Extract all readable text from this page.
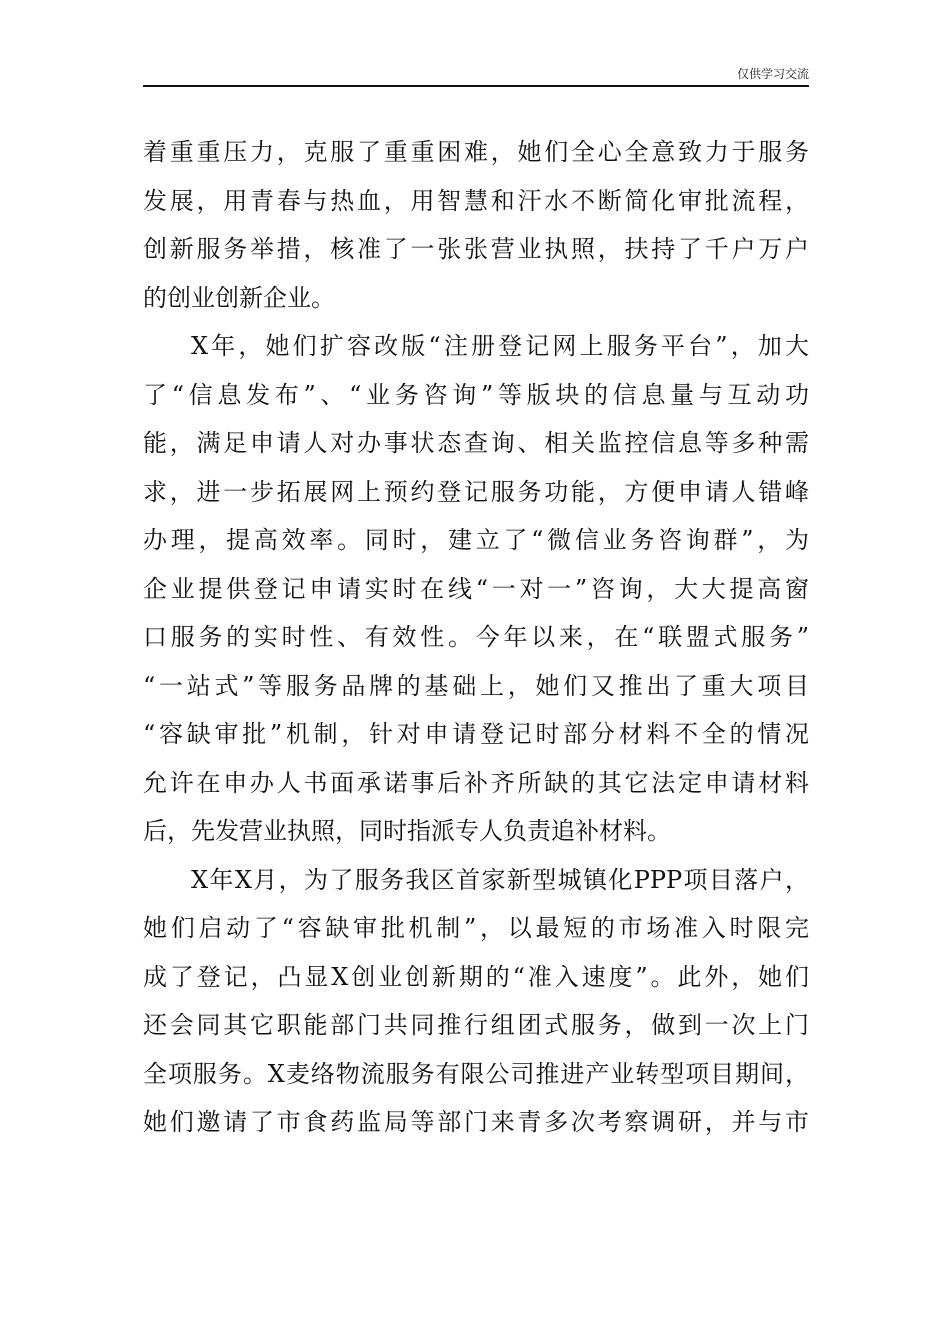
仅供学习交流

着重重压力，克服了重重困难，她们全心全意致力于服务
发展，用青春与热血，用智慧和汗水不断简化审批流程，
创新服务举措，核准了一张张营业执照，扶持了千户万户
的创业创新企业。

X年，她们扩容改版“注册登记网上服务平台”，加大
了“信息发布”、“业务咨询”等版块的信息量与互动功
能，满足申请人对办事状态查询、相关监控信息等多种需
求，进一步拓展网上预约登记服务功能，方便申请人错峰
办理，提高效率。同时，建立了“微信业务咨询群”，为
企业提供登记申请实时在线“一对一”咨询，大大提高窗
口服务的实时性、有效性。今年以来，在“联盟式服务”
“一站式”等服务品牌的基础上，她们又推出了重大项目
“容缺审批”机制，针对申请登记时部分材料不全的情况
允许在申办人书面承诺事后补齐所缺的其它法定申请材料
后，先发营业执照，同时指派专人负责追补材料。

X年X月，为了服务我区首家新型城镇化PPP项目落户，
她们启动了“容缺审批机制”，以最短的市场准入时限完
成了登记，凸显X创业创新期的“准入速度”。此外，她们
还会同其它职能部门共同推行组团式服务，做到一次上门
全项服务。X麦络物流服务有限公司推进产业转型项目期间，
她们邀请了市食药监局等部门来青多次考察调研，并与市
